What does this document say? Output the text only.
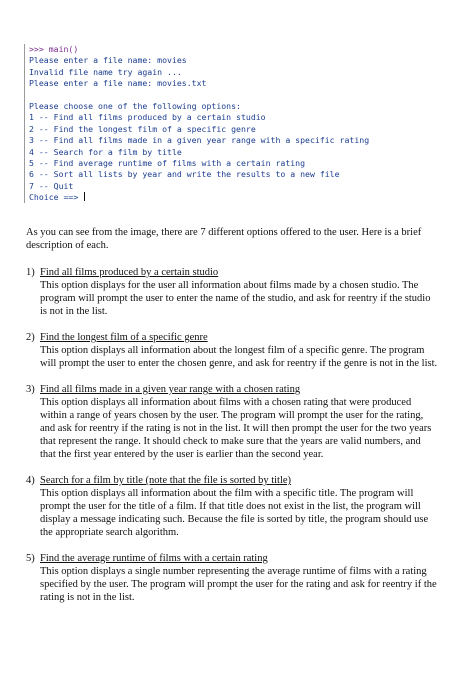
>>> main()
Please enter a file name: movies
Invalid file name try again ...
Please enter a file name: movies.txt
Please choose one of the following options:
1 -- Find all films produced by a certain studio
2 -- Find the longest film of a specific genre
3 -- Find all films made in a given year range with a specific rating
4 -- Search for a film by title
5 -- Find average runtime of films with a certain rating
6 -- Sort all lists by year and write the results to a new file
7 -- Quit
Choice ==>

As you can see from the image, there are 7 different options offered to the user. Here is a brief description of each.

1) Find all films produced by a certain studio
This option displays for the user all information about films made by a chosen studio. The program will prompt the user to enter the name of the studio, and ask for reentry if the studio is not in the list.
2) Find the longest film of a specific genre
This option displays all information about the longest film of a specific genre. The program will prompt the user to enter the chosen genre, and ask for reentry if the genre is not in the list.
3) Find all films made in a given year range with a chosen rating
This option displays all information about films with a chosen rating that were produced within a range of years chosen by the user. The program will prompt the user for the rating, and ask for reentry if the rating is not in the list. It will then prompt the user for the two years that represent the range. It should check to make sure that the years are valid numbers, and that the first year entered by the user is earlier than the second year.
4) Search for a film by title (note that the file is sorted by title)
This option displays all information about the film with a specific title. The program will prompt the user for the title of a film. If that title does not exist in the list, the program will display a message indicating such. Because the file is sorted by title, the program should use the appropriate search algorithm.
5) Find the average runtime of films with a certain rating
This option displays a single number representing the average runtime of films with a rating specified by the user. The program will prompt the user for the rating and ask for reentry if the rating is not in the list.
